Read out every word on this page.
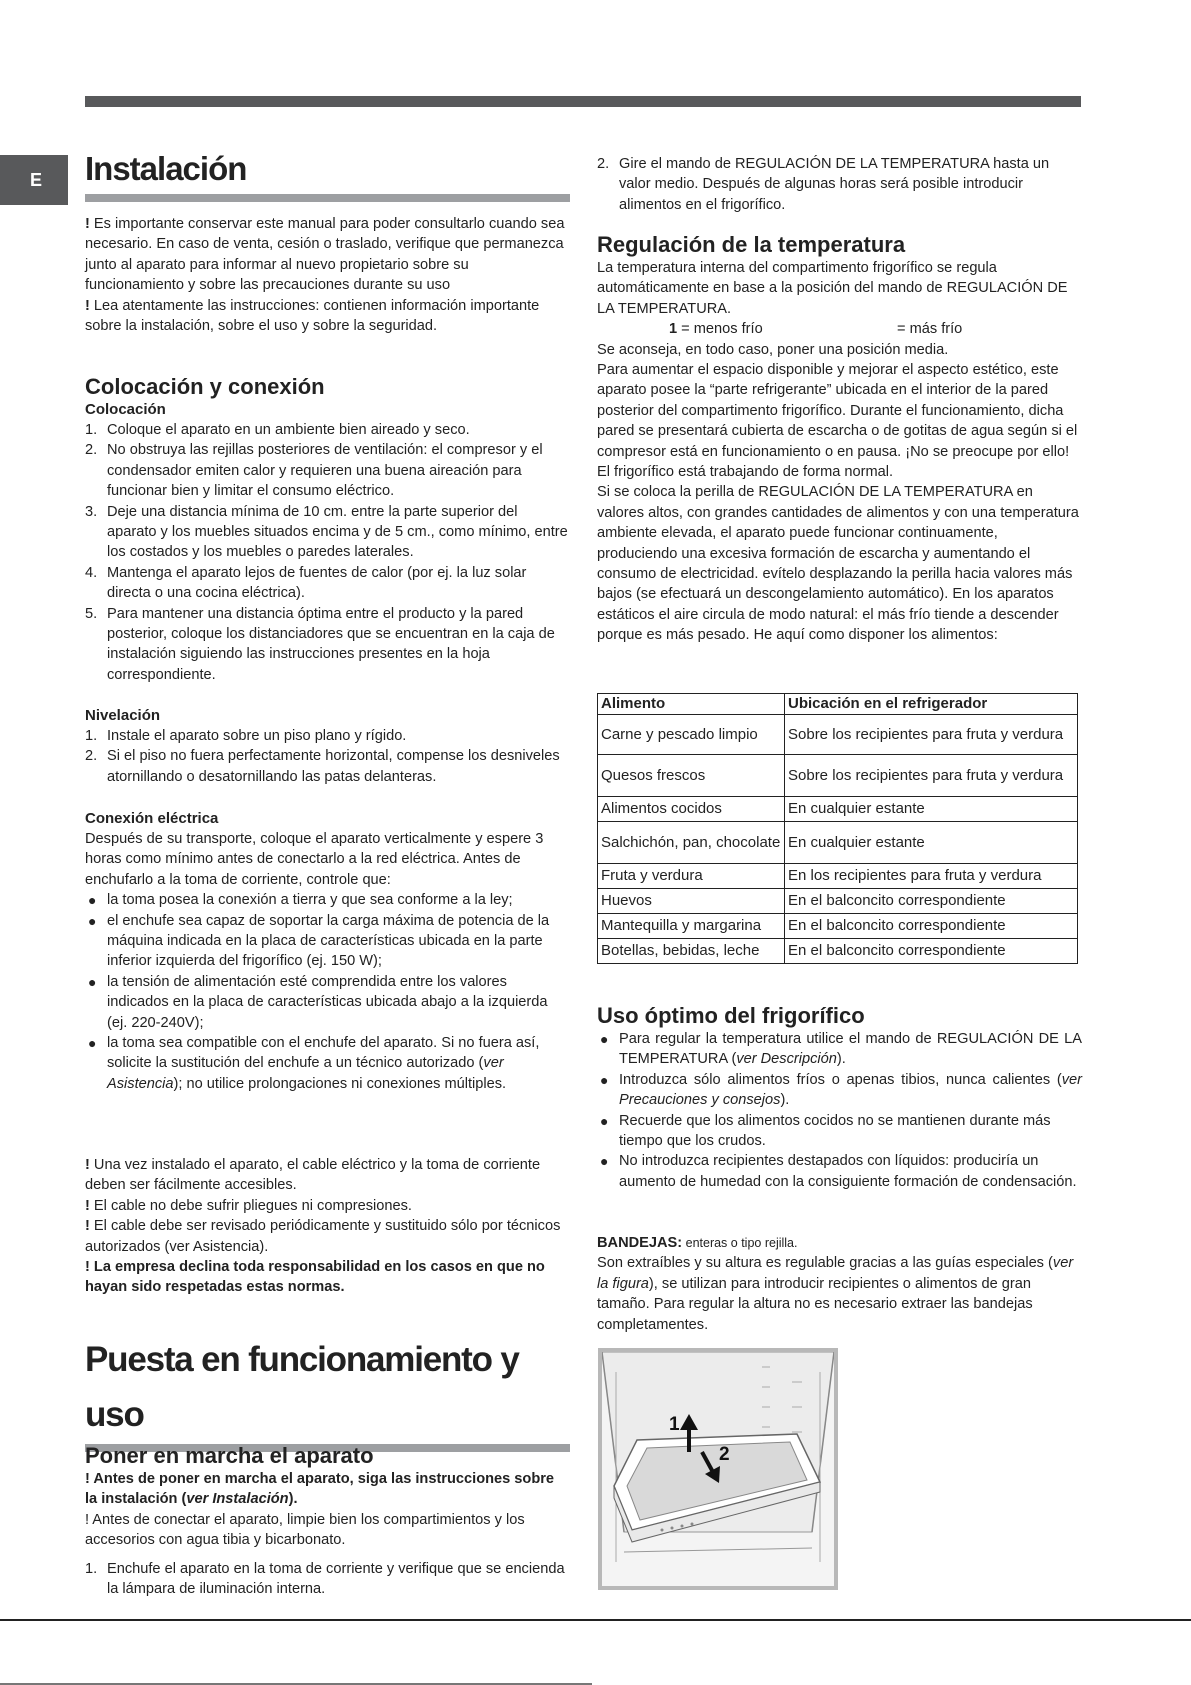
E	Instalación

! Es importante conservar este manual para poder consultarlo cuando sea necesario. En caso de venta, cesión o traslado, verifique que permanezca junto al aparato para informar al nuevo propietario sobre su funcionamiento y sobre las precauciones durante su uso

! Lea atentamente las instrucciones: contienen información importante sobre la instalación, sobre el uso y sobre la seguridad.

Colocación y conexión
Colocación
1. Coloque el aparato en un ambiente bien aireado y seco.
2. No obstruya las rejillas posteriores de ventilación: el compresor y el condensador emiten calor y requieren una buena aireación para funcionar bien y limitar el consumo eléctrico.
3. Deje una distancia mínima de 10 cm. entre la parte superior del aparato y los muebles situados encima y de 5 cm., como mínimo, entre los costados y los muebles o paredes laterales.
4. Mantenga el aparato lejos de fuentes de calor (por ej. la luz solar directa o una cocina eléctrica).
5. Para mantener una distancia óptima entre el producto y la pared posterior, coloque los distanciadores que se encuentran en la caja de instalación siguiendo las instrucciones presentes en la hoja correspondiente.
Nivelación
1. Instale el aparato sobre un piso plano y rígido.
2. Si el piso no fuera perfectamente horizontal, compense los desniveles atornillando o desatornillando las patas delanteras.
Conexión eléctrica

Después de su transporte, coloque el aparato verticalmente y espere 3 horas como mínimo antes de conectarlo a la red eléctrica. Antes de enchufarlo a la toma de corriente, controle que:

● la toma posea la conexión a tierra y que sea conforme a la ley;
● el enchufe sea capaz de soportar la carga máxima de potencia de la máquina indicada en la placa de características ubicada en la parte inferior izquierda del frigorífico (ej. 150 W);
● la tensión de alimentación esté comprendida entre los valores indicados en la placa de características ubicada abajo a la izquierda (ej. 220-240V);
● la toma sea compatible con el enchufe del aparato. Si no fuera así, solicite la sustitución del enchufe a un técnico autorizado (ver Asistencia); no utilice prolongaciones ni conexiones múltiples.

! Una vez instalado el aparato, el cable eléctrico y la toma de corriente deben ser fácilmente accesibles.

! El cable no debe sufrir pliegues ni compresiones.

! El cable debe ser revisado periódicamente y sustituido sólo por técnicos autorizados (ver Asistencia).

! La empresa declina toda responsabilidad en los casos en que no hayan sido respetadas estas normas.

Puesta en funcionamiento y uso
Poner en marcha el aparato

! Antes de poner en marcha el aparato, siga las instrucciones sobre la instalación (ver Instalación).

! Antes de conectar el aparato, limpie bien los compartimientos y los accesorios con agua tibia y bicarbonato.

1. Enchufe el aparato en la toma de corriente y verifique que se encienda la lámpara de iluminación interna.
2. Gire el mando de REGULACIÓN DE LA TEMPERATURA hasta un valor medio. Después de algunas horas será posible introducir alimentos en el frigorífico.
Regulación de la temperatura

La temperatura interna del compartimento frigorífico se regula automáticamente en base a la posición del mando de REGULACIÓN DE LA TEMPERATURA.

1 = menos frío	= más frío

Se aconseja, en todo caso, poner una posición media.

Para aumentar el espacio disponible y mejorar el aspecto estético, este aparato posee la “parte refrigerante” ubicada en el interior de la pared posterior del compartimento frigorífico. Durante el funcionamiento, dicha pared se presentará cubierta de escarcha o de gotitas de agua según si el compresor está en funcionamiento o en pausa. ¡No se preocupe por ello! El frigorífico está trabajando de forma normal.

Si se coloca la perilla de REGULACIÓN DE LA TEMPERATURA en valores altos, con grandes cantidades de alimentos y con una temperatura ambiente elevada, el aparato puede funcionar continuamente, produciendo una excesiva formación de escarcha y aumentando el consumo de electricidad. evítelo desplazando la perilla hacia valores más bajos (se efectuará un descongelamiento automático). En los aparatos estáticos el aire circula de modo natural: el más frío tiende a descender porque es más pesado. He aquí como disponer los alimentos:

Alimento	Ubicación en el refrigerador
Carne y pescado limpio	Sobre los recipientes para fruta y verdura
Quesos frescos	Sobre los recipientes para fruta y verdura
Alimentos cocidos	En cualquier estante
Salchichón, pan, chocolate	En cualquier estante
Fruta y verdura	En los recipientes para fruta y verdura
Huevos	En el balconcito correspondiente
Mantequilla y margarina	En el balconcito correspondiente
Botellas, bebidas, leche	En el balconcito correspondiente
Uso óptimo del frigorífico
● Para regular la temperatura utilice el mando de REGULACIÓN DE LA TEMPERATURA (ver Descripción).
● Introduzca sólo alimentos fríos o apenas tibios, nunca calientes (ver Precauciones y consejos).
● Recuerde que los alimentos cocidos no se mantienen durante más tiempo que los crudos.
● No introduzca recipientes destapados con líquidos: produciría un aumento de humedad con la consiguiente formación de condensación.

BANDEJAS: enteras o tipo rejilla.

Son extraíbles y su altura es regulable gracias a las guías especiales (ver la figura), se utilizan para introducir recipientes o alimentos de gran tamaño. Para regular la altura no es necesario extraer las bandejas completamentes.

1
2
